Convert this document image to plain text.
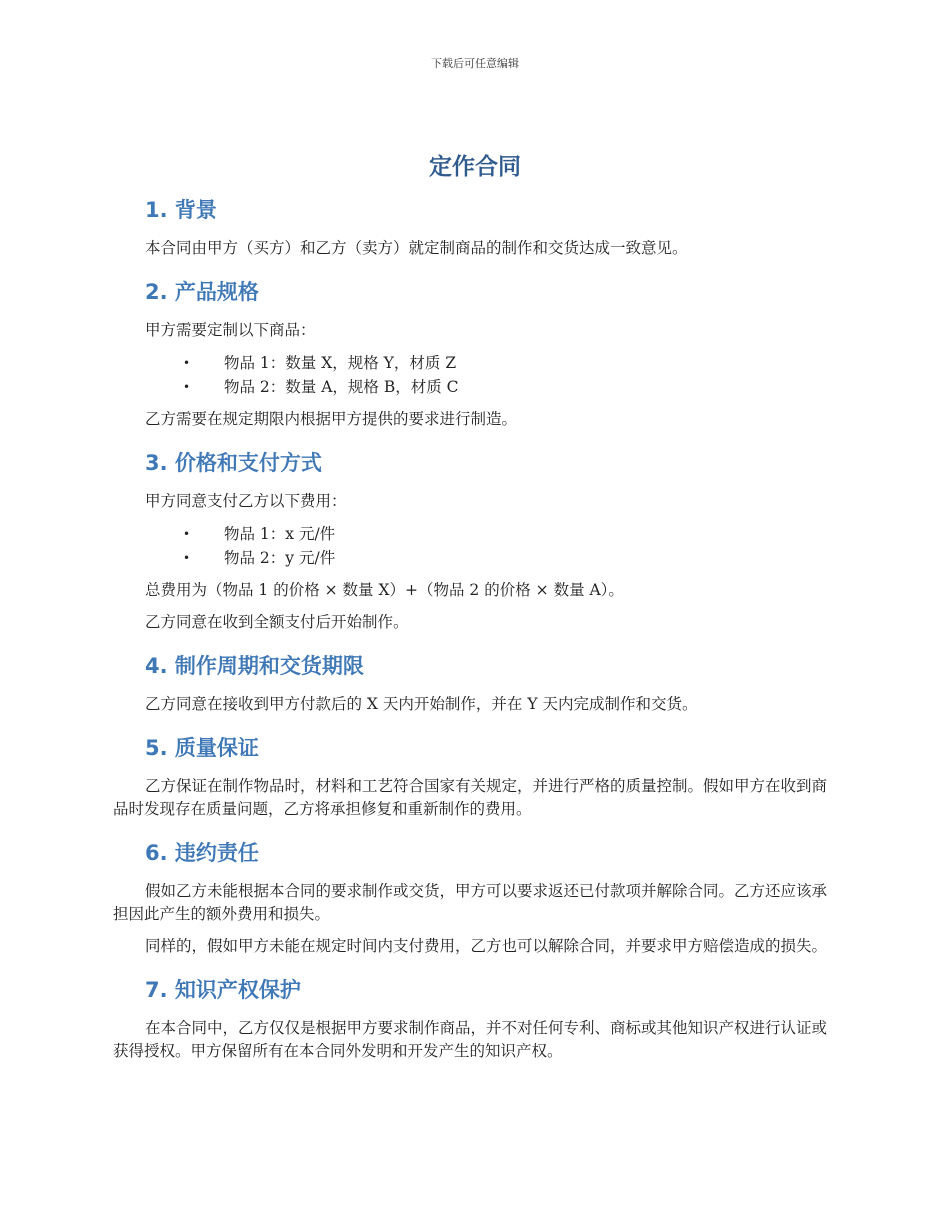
下载后可任意编辑
定作合同
1. 背景

本合同由甲方（买方）和乙方（卖方）就定制商品的制作和交货达成一致意见。

2. 产品规格

甲方需要定制以下商品：

• 物品 1：数量 X，规格 Y，材质 Z
• 物品 2：数量 A，规格 B，材质 C

乙方需要在规定期限内根据甲方提供的要求进行制造。

3. 价格和支付方式

甲方同意支付乙方以下费用：

• 物品 1：x 元/件
• 物品 2：y 元/件

总费用为（物品 1 的价格 × 数量 X）+（物品 2 的价格 × 数量 A）。

乙方同意在收到全额支付后开始制作。

4. 制作周期和交货期限

乙方同意在接收到甲方付款后的 X 天内开始制作，并在 Y 天内完成制作和交货。

5. 质量保证

乙方保证在制作物品时，材料和工艺符合国家有关规定，并进行严格的质量控制。假如甲方在收到商品时发现存在质量问题，乙方将承担修复和重新制作的费用。

6. 违约责任

假如乙方未能根据本合同的要求制作或交货，甲方可以要求返还已付款项并解除合同。乙方还应该承担因此产生的额外费用和损失。

同样的，假如甲方未能在规定时间内支付费用，乙方也可以解除合同，并要求甲方赔偿造成的损失。

7. 知识产权保护

在本合同中，乙方仅仅是根据甲方要求制作商品，并不对任何专利、商标或其他知识产权进行认证或获得授权。甲方保留所有在本合同外发明和开发产生的知识产权。
